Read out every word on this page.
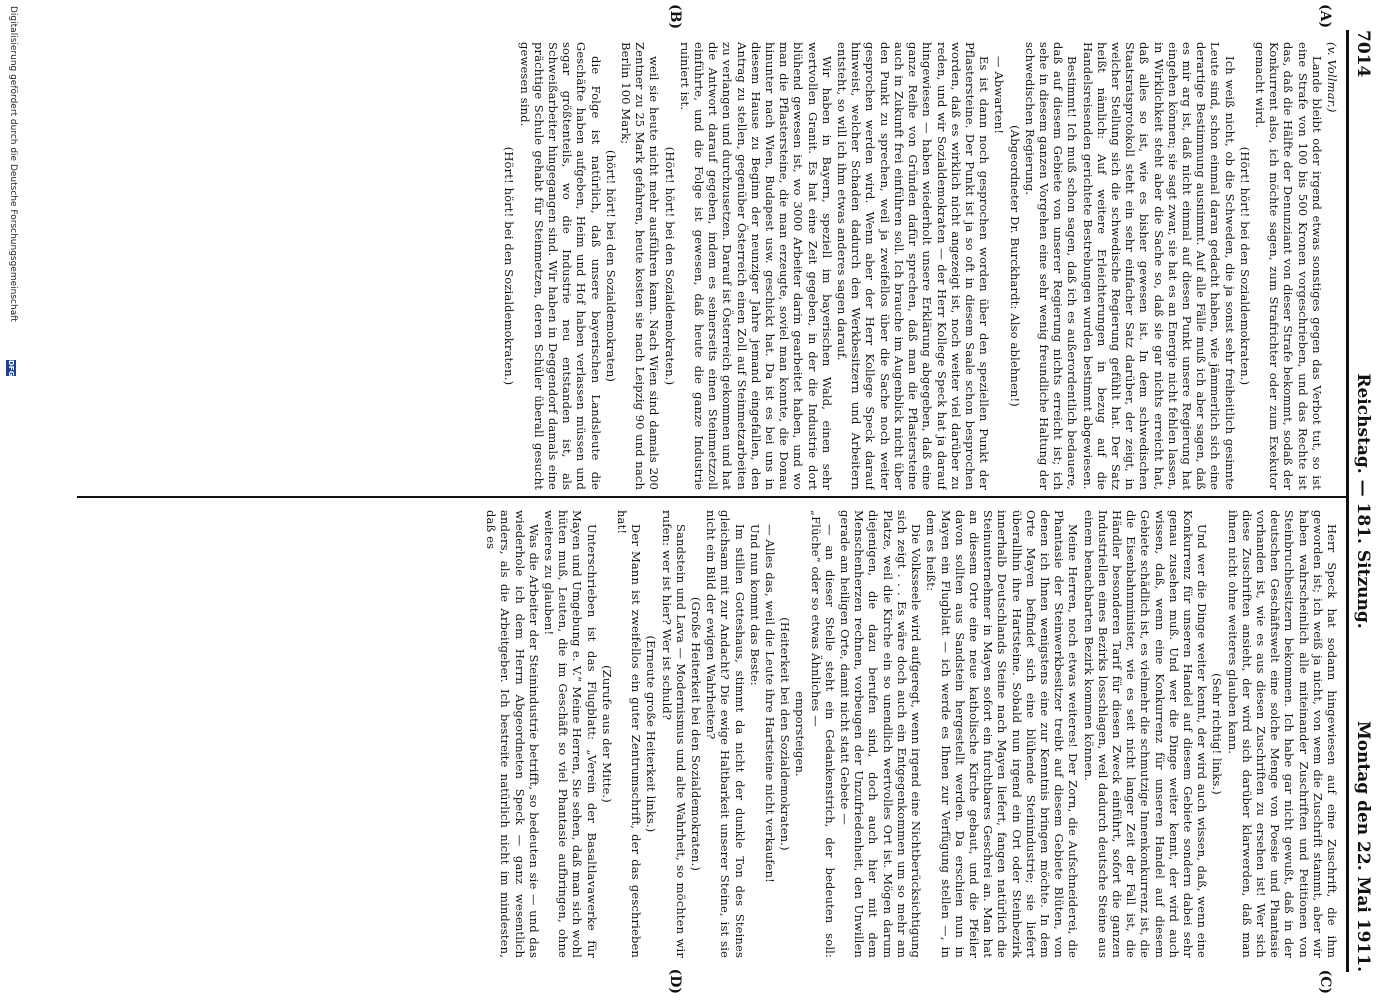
7014
Reichstag. — 181. Sitzung.
Montag den 22. Mai 1911.
(A)
(B)
(C)
(D)

(v. Vollmar.)

Lande bleibt oder irgend etwas sonstiges gegen das Verbot tut, so ist eine Strafe von 100 bis 500 Kronen vorgeschrieben, und das Rechte ist das, daß die Hälfte der Denunziant von dieser Strafe bekommt, sodaß der Konkurrent also, ich möchte sagen, zum Strafrichter oder zum Exekutor gemacht wird.

(Hört! hört! bei den Sozialdemokraten.)

Ich weiß nicht, ob die Schweden, die ja sonst sehr freiheitlich gesinnte Leute sind, schon einmal daran gedacht haben, wie jämmerlich sich eine derartige Bestimmung ausnimmt. Auf alle Fälle muß ich aber sagen, daß es mir arg ist, daß nicht einmal auf diesen Punkt unsere Regierung hat eingehen können; sie sagt zwar, sie hat es an Energie nicht fehlen lassen, in Wirklichkeit steht aber die Sache so, daß sie gar nichts erreicht hat, daß alles so ist, wie es bisher gewesen ist. In dem schwedischen Staatsratsprotokoll steht ein sehr einfacher Satz darüber, der zeigt, in welcher Stellung sich die schwedische Regierung gefühlt hat. Der Satz heißt nämlich: Auf weitere Erleichterungen in bezug auf die Handelsreisenden gerichtete Bestrebungen wurden bestimmt abgewiesen.

Bestimmt! Ich muß schon sagen, daß ich es außerordentlich bedauere, daß auf diesem Gebiete von unserer Regierung nichts erreicht ist; ich sehe in diesem ganzen Vorgehen eine sehr wenig freundliche Haltung der schwedischen Regierung.

(Abgeordneter Dr. Burckhardt: Also ablehnen!)

— Abwarten!

Es ist dann noch gesprochen worden über den speziellen Punkt der Pflastersteine. Der Punkt ist ja so oft in diesem Saale schon besprochen worden, daß es wirklich nicht angezeigt ist, noch weiter viel darüber zu reden, und wir Sozialdemokraten — der Herr Kollege Speck hat ja darauf hingewiesen — haben wiederholt unsere Erklärung abgegeben, daß eine ganze Reihe von Gründen dafür sprechen, daß man die Pflastersteine auch in Zukunft frei einführen soll. Ich brauche im Augenblick nicht über den Punkt zu sprechen, weil ja zweifellos über die Sache noch weiter gesprochen werden wird. Wenn aber der Herr Kollege Speck darauf hinweist, welcher Schaden dadurch den Werkbesitzern und Arbeitern entsteht, so will ich ihm etwas anderes sagen darauf.

Wir haben in Bayern, speziell im bayerischen Wald, einen sehr wertvollen Granit. Es hat eine Zeit gegeben, in der die Industrie dort blühend gewesen ist, wo 3000 Arbeiter darin gearbeitet haben, und wo man die Pflastersteine, die man erzeugte, soviel man konnte, die Donau hinunter nach Wien, Budapest usw. geschickt hat. Da ist es bei uns in diesem Hause zu Beginn der neunziger Jahre jemand eingefallen, den Antrag zu stellen, gegenüber Österreich einen Zoll auf Steinmetzarbeiten zu verlangen und durchzusetzen. Darauf ist Österreich gekommen und hat die Antwort darauf gegeben, indem es seinerseits einen Steinmetzzoll einführte, und die Folge ist gewesen, daß heute die ganze Industrie ruiniert ist.

(Hört! hört! bei den Sozialdemokraten.)

weil sie heute nicht mehr ausführen kann. Nach Wien sind damals 200 Zentner zu 25 Mark gefahren, heute kosten sie nach Leipzig 90 und nach Berlin 100 Mark;

(hört! hört! bei den Sozialdemokraten)

die Folge ist natürlich, daß unsere bayerischen Landsleute die Geschäfte haben aufgeben, Heim und Hof haben verlassen müssen und sogar größtenteils, wo die Industrie neu entstanden ist, als Schweißarbeiter hingegangen sind. Wir haben in Deggendorf damals eine prächtige Schule gehabt für Steinmetzen, deren Schüler überall gesucht gewesen sind.

(Hört! hört! bei den Sozialdemokraten.)

Herr Speck hat sodann hingewiesen auf eine Zuschrift, die ihm geworden ist; ich weiß ja nicht, von wem die Zuschrift stammt, aber wir haben wahrscheinlich alle miteinander Zuschriften und Petitionen von Steinbruchbesitzern bekommen. Ich habe gar nicht gewußt, daß in der deutschen Geschäftswelt eine solche Menge von Poesie und Phantasie vorhanden ist, wie es aus diesen Zuschriften zu ersehen ist! Wer sich diese Zuschriften ansieht, der wird sich darüber klarwerden, daß man ihnen nicht ohne weiteres glauben kann.

(Sehr richtig! links.)

Und wer die Dinge weiter kennt, der wird auch wissen, daß, wenn eine Konkurrenz für unseren Handel auf diesem Gebiete sondern dabei sehr genau zusehen muß. Und wer die Dinge weiter kennt, der wird auch wissen, daß, wenn eine Konkurrenz für unseren Handel auf diesem Gebiete schädlich ist, es vielmehr die schmutzige Innenkonkurrenz ist, die die Eisenbahnminister, wie es seit nicht langer Zeit der Fall ist, die Händler besonderen Tarif für diesen Zweck einführt, sofort die ganzen Industriellen eines Bezirks losschlagen, weil dadurch deutsche Steine aus einem benachbarten Bezirk kommen können.

Meine Herren, noch etwas weiteres! Der Zorn, die Aufschneiderei, die Phantasie der Steinwerkbesitzer treibt auf diesem Gebiete Blüten, von denen ich Ihnen wenigstens eine zur Kenntnis bringen möchte. In dem Orte Mayen befindet sich eine blühende Steinindustrie; sie liefert überallhin ihre Hartsteine. Sobald nun irgend ein Ort oder Steinbezirk innerhalb Deutschlands Steine nach Mayen liefert, fangen natürlich die Steinunternehmer in Mayen sofort ein furchtbares Geschrei an. Man hat an diesem Orte eine neue katholische Kirche gebaut, und die Pfeiler davon sollten aus Sandstein hergestellt werden. Da erschien nun in Mayen ein Flugblatt — ich werde es Ihnen zur Verfügung stellen —, in dem es heißt:

Die Volksseele wird aufgeregt, wenn irgend eine Nichtberücksichtigung sich zeigt . . . Es wäre doch auch ein Entgegenkommen um so mehr am Platze, weil die Kirche ein so unendlich wertvolles Ort ist. Mögen darum diejenigen, die dazu berufen sind, doch auch hier mit dem Menschenherzen rechnen, vorbeugen der Unzufriedenheit, den Unwillen gerade am heiligen Orte, damit nicht statt Gebete —

— an dieser Stelle steht ein Gedankenstrich, der bedeuten soll: „Flüche“ oder so etwas Ähnliches —

emporsteigen.

(Heiterkeit bei den Sozialdemokraten.)

— Alles das, weil die Leute ihre Hartsteine nicht verkaufen!

Und nun kommt das Beste:

Im stillen Gotteshaus, stimmt da nicht der dunkle Ton des Steines gleichsam mit zur Andacht? Die ewige Haltbarkeit unserer Steine, ist sie nicht ein Bild der ewigen Wahrheiten?

(Große Heiterkeit bei den Sozialdemokraten.)

Sandstein und Lava — Modernismus und alte Wahrheit, so möchten wir rufen: wer ist hier? Wer ist schuld?

(Erneute große Heiterkeit links.)

Der Mann ist zweifellos ein guter Zentrumschrift, der das geschrieben hat!

(Zurufe aus der Mitte.)

Unterschrieben ist das Flugblatt: „Verein der Basaltlavawerke für Mayen und Umgebung e. V.“ Meine Herren, Sie sehen, daß man sich wohl hüten muß, Leuten, die im Geschäft so viel Phantasie aufbringen, ohne weiteres zu glauben!

Was die Arbeiter der Steinindustrie betrifft, so bedeuten sie — und das wiederhole ich dem Herrn Abgeordneten Speck — ganz wesentlich anders, als die Arbeitgeber. Ich bestreite natürlich nicht im mindesten, daß es

Digitalisierung gefördert durch die Deutsche Forschungsgemeinschaft
DFG
